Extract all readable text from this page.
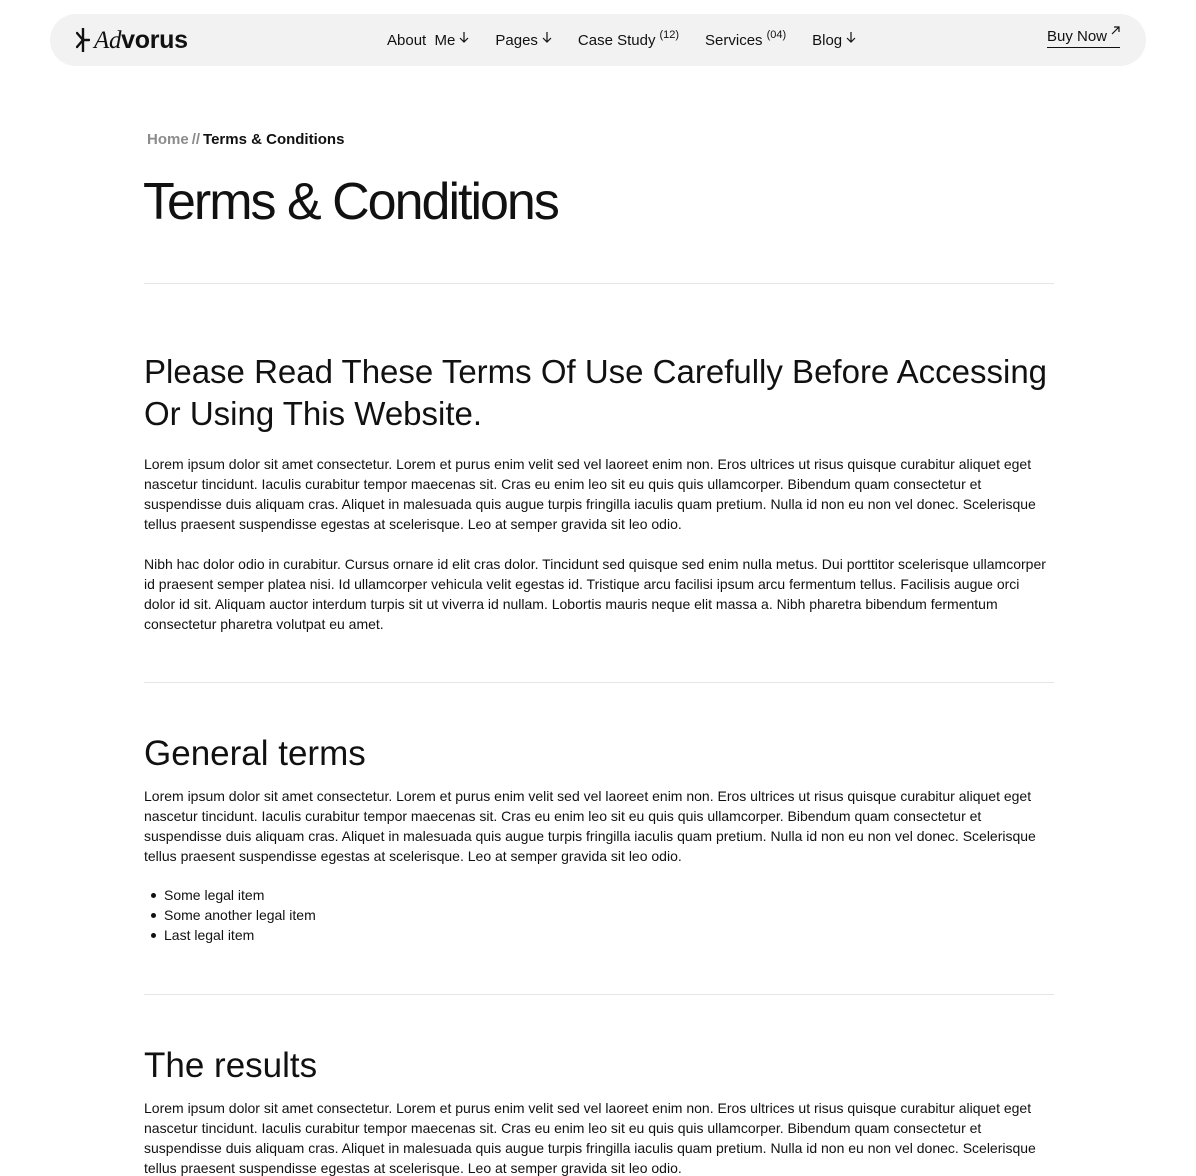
Advorus	About  Me	Pages	Case Study $^{(12)}$ Services $^{(04)}$ Blog	Buy Now
Home // Terms & Conditions
Terms & Conditions
Please Read These Terms Of Use Carefully Before Accessing Or Using This Website.

Lorem ipsum dolor sit amet consectetur. Lorem et purus enim velit sed vel laoreet enim non. Eros ultrices ut risus quisque curabitur aliquet eget nascetur tincidunt. Iaculis curabitur tempor maecenas sit. Cras eu enim leo sit eu quis quis ullamcorper. Bibendum quam consectetur et suspendisse duis aliquam cras. Aliquet in malesuada quis augue turpis fringilla iaculis quam pretium. Nulla id non eu non vel donec. Scelerisque tellus praesent suspendisse egestas at scelerisque. Leo at semper gravida sit leo odio.

Nibh hac dolor odio in curabitur. Cursus ornare id elit cras dolor. Tincidunt sed quisque sed enim nulla metus. Dui porttitor scelerisque ullamcorper id praesent semper platea nisi. Id ullamcorper vehicula velit egestas id. Tristique arcu facilisi ipsum arcu fermentum tellus. Facilisis augue orci dolor id sit. Aliquam auctor interdum turpis sit ut viverra id nullam. Lobortis mauris neque elit massa a. Nibh pharetra bibendum fermentum consectetur pharetra volutpat eu amet.

General terms

Lorem ipsum dolor sit amet consectetur. Lorem et purus enim velit sed vel laoreet enim non. Eros ultrices ut risus quisque curabitur aliquet eget nascetur tincidunt. Iaculis curabitur tempor maecenas sit. Cras eu enim leo sit eu quis quis ullamcorper. Bibendum quam consectetur et suspendisse duis aliquam cras. Aliquet in malesuada quis augue turpis fringilla iaculis quam pretium. Nulla id non eu non vel donec. Scelerisque tellus praesent suspendisse egestas at scelerisque. Leo at semper gravida sit leo odio.

Some legal item
Some another legal item
Last legal item
The results

Lorem ipsum dolor sit amet consectetur. Lorem et purus enim velit sed vel laoreet enim non. Eros ultrices ut risus quisque curabitur aliquet eget nascetur tincidunt. Iaculis curabitur tempor maecenas sit. Cras eu enim leo sit eu quis quis ullamcorper. Bibendum quam consectetur et suspendisse duis aliquam cras. Aliquet in malesuada quis augue turpis fringilla iaculis quam pretium. Nulla id non eu non vel donec. Scelerisque tellus praesent suspendisse egestas at scelerisque. Leo at semper gravida sit leo odio.
